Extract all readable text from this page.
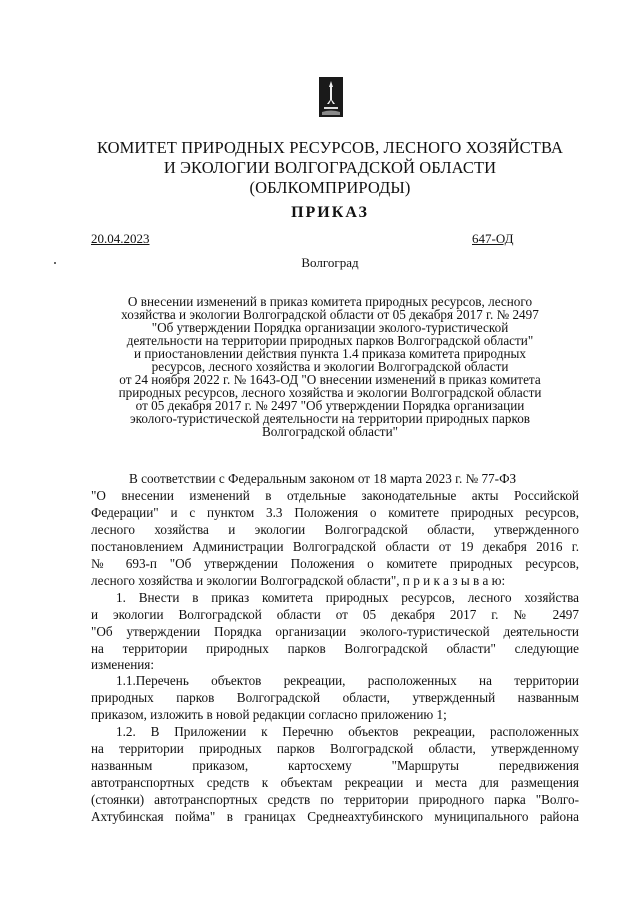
КОМИТЕТ ПРИРОДНЫХ РЕСУРСОВ, ЛЕСНОГО ХОЗЯЙСТВА
И ЭКОЛОГИИ ВОЛГОГРАДСКОЙ ОБЛАСТИ
(ОБЛКОМПРИРОДЫ)
ПРИКАЗ
20.04.2023	647-ОД
Волгоград
О внесении изменений в приказ комитета природных ресурсов, лесного
хозяйства и экологии Волгоградской области от 05 декабря 2017 г. № 2497
"Об утверждении Порядка организации эколого-туристической
деятельности на территории природных парков Волгоградской области"
и приостановлении действия пункта 1.4 приказа комитета природных
ресурсов, лесного хозяйства и экологии Волгоградской области
от 24 ноября 2022 г. № 1643-ОД "О внесении изменений в приказ комитета
природных ресурсов, лесного хозяйства и экологии Волгоградской области
от 05 декабря 2017 г. № 2497 "Об утверждении Порядка организации
эколого-туристической деятельности на территории природных парков
Волгоградской области"
В соответствии с Федеральным законом от 18 марта 2023 г. № 77-ФЗ
"О внесении изменений в отдельные законодательные акты Российской
Федерации" и с пунктом 3.3 Положения о комитете природных ресурсов,
лесного хозяйства и экологии Волгоградской области, утвержденного
постановлением Администрации Волгоградской области от 19 декабря 2016 г.
№ 693-п "Об утверждении Положения о комитете природных ресурсов,
лесного хозяйства и экологии Волгоградской области", п р и к а з ы в а ю:
1. Внести в приказ комитета природных ресурсов, лесного хозяйства
и экологии Волгоградской области от 05 декабря 2017 г. № 2497
"Об утверждении Порядка организации эколого-туристической деятельности
на территории природных парков Волгоградской области" следующие
изменения:
1.1.Перечень объектов рекреации, расположенных на территории
природных парков Волгоградской области, утвержденный названным
приказом, изложить в новой редакции согласно приложению 1;
1.2. В Приложении к Перечню объектов рекреации, расположенных
на территории природных парков Волгоградской области, утвержденному
названным приказом, картосхему "Маршруты передвижения
автотранспортных средств к объектам рекреации и места для размещения
(стоянки) автотранспортных средств по территории природного парка "Волго-
Ахтубинская пойма" в границах Среднеахтубинского муниципального района
